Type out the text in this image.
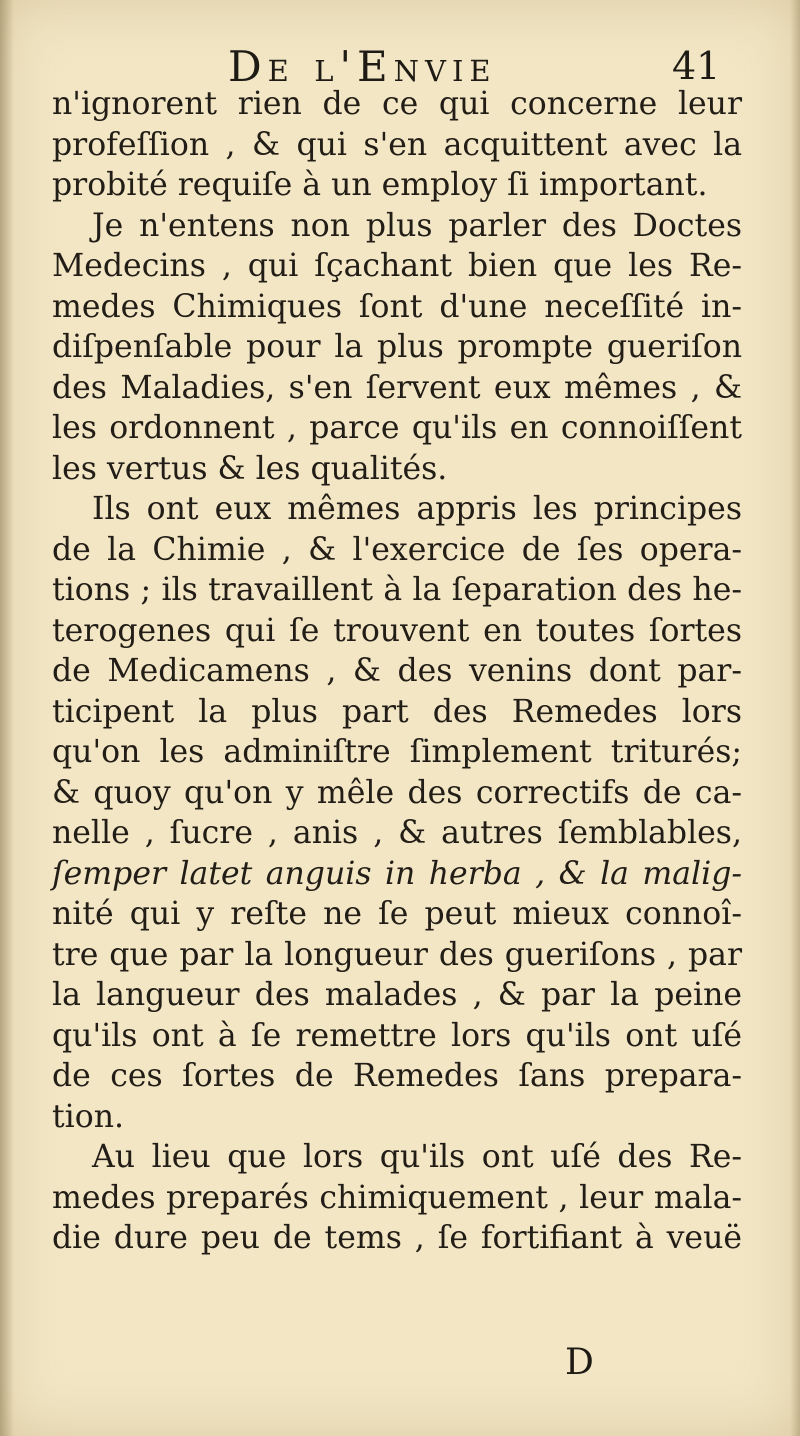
De l'Envie	41
n'ignorent rien de ce qui concerne leur
profeſſion , & qui s'en acquittent avec la
probité requiſe à un employ ſi important.
Je n'entens non plus parler des Doctes
Medecins , qui ſçachant bien que les Re-
medes Chimiques ſont d'une neceſſité in-
diſpenſable pour la plus prompte gueriſon
des Maladies, s'en ſervent eux mêmes , &
les ordonnent , parce qu'ils en connoiſſent
les vertus & les qualités.
Ils ont eux mêmes appris les principes
de la Chimie , & l'exercice de ſes opera-
tions ; ils travaillent à la ſeparation des he-
terogenes qui ſe trouvent en toutes ſortes
de Medicamens , & des venins dont par-
ticipent la plus part des Remedes lors
qu'on les adminiſtre ſimplement triturés;
& quoy qu'on y mêle des correctifs de ca-
nelle , ſucre , anis , & autres ſemblables,
ſemper latet anguis in herba , & la malig-
nité qui y reſte ne ſe peut mieux connoî-
tre que par la longueur des gueriſons , par
la langueur des malades , & par la peine
qu'ils ont à ſe remettre lors qu'ils ont uſé
de ces ſortes de Remedes ſans prepara-
tion.
Au lieu que lors qu'ils ont uſé des Re-
medes preparés chimiquement , leur mala-
die dure peu de tems , ſe fortifiant à veuë
D
